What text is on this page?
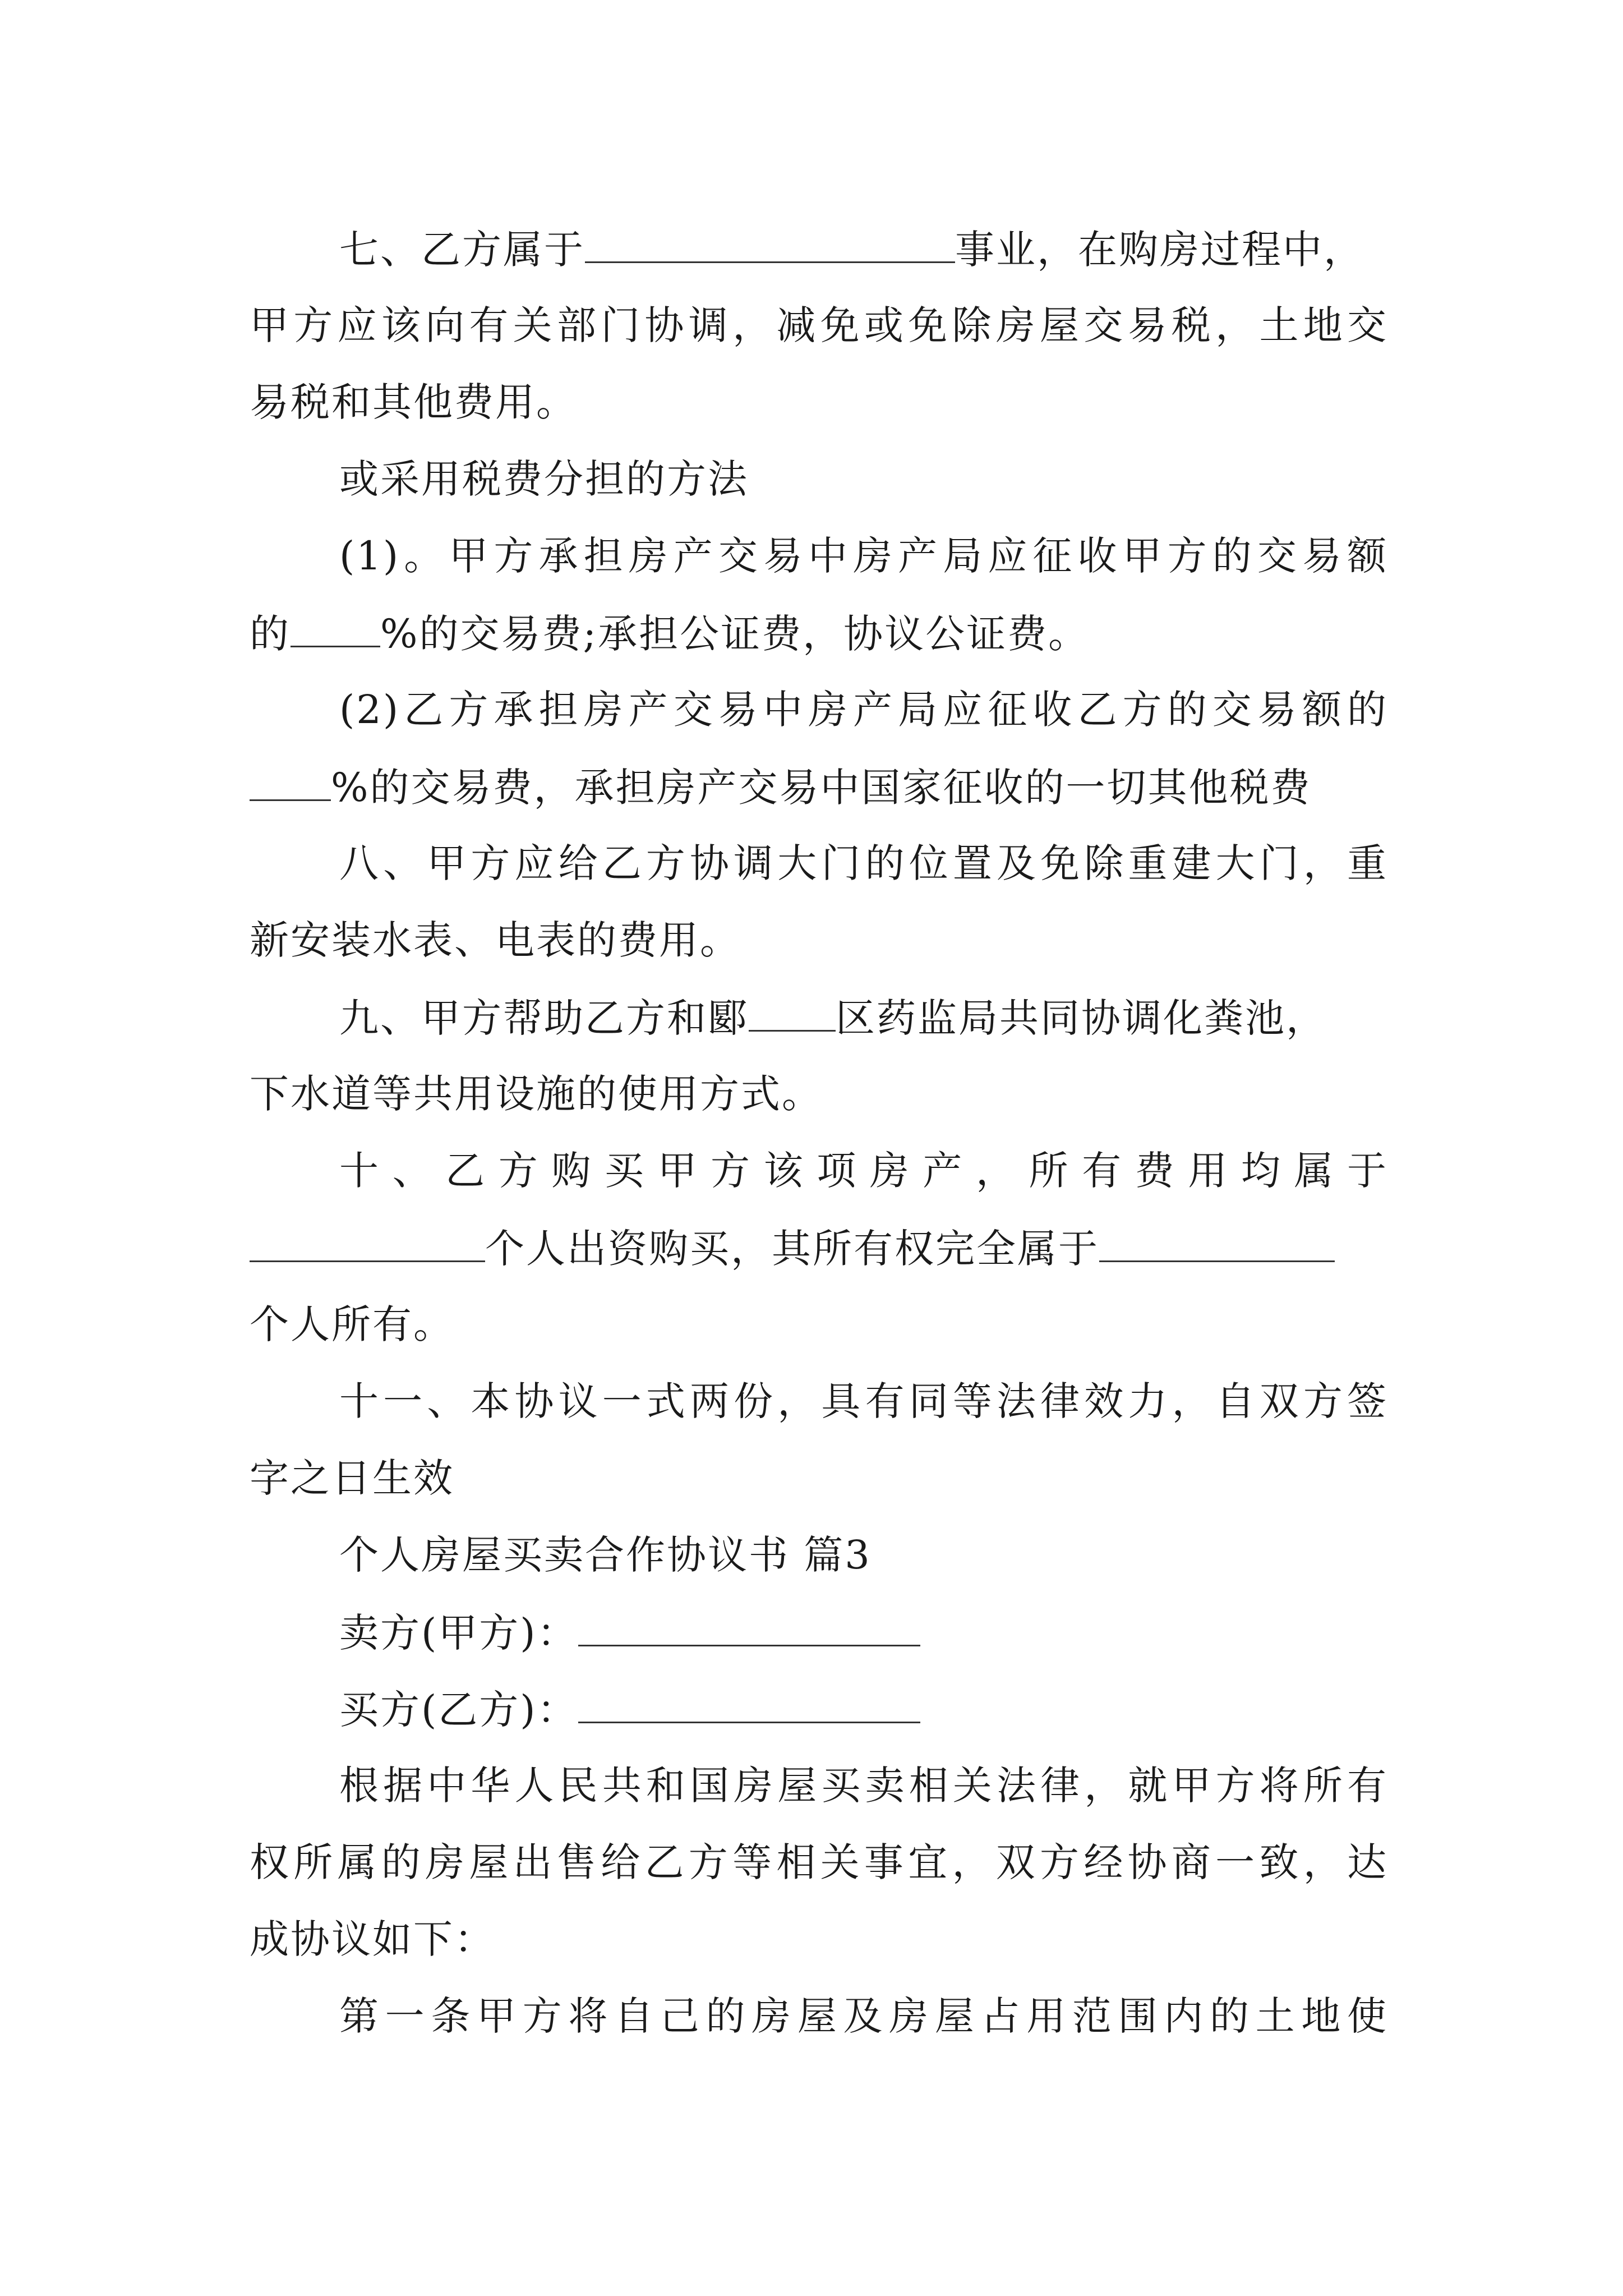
七、乙方属于	事业，在购房过程中，
甲方应该向有关部门协调，减免或免除房屋交易税，土地交
易税和其他费用。
或采用税费分担的方法
(1)。甲方承担房产交易中房产局应征收甲方的交易额
的 %的交易费;承担公证费，协议公证费。
(2)乙方承担房产交易中房产局应征收乙方的交易额的
%的交易费，承担房产交易中国家征收的一切其他税费
八、甲方应给乙方协调大门的位置及免除重建大门，重
新安装水表、电表的费用。
九、甲方帮助乙方和郾 区药监局共同协调化粪池，
下水道等共用设施的使用方式。
十、乙方购买甲方该项房产，所有费用均属于
个人出资购买，其所有权完全属于
个人所有。
十一、本协议一式两份，具有同等法律效力，自双方签
字之日生效
个人房屋买卖合作协议书 篇3
卖方(甲方)：
买方(乙方)：
根据中华人民共和国房屋买卖相关法律，就甲方将所有
权所属的房屋出售给乙方等相关事宜，双方经协商一致，达
成协议如下：
第一条甲方将自己的房屋及房屋占用范围内的土地使
